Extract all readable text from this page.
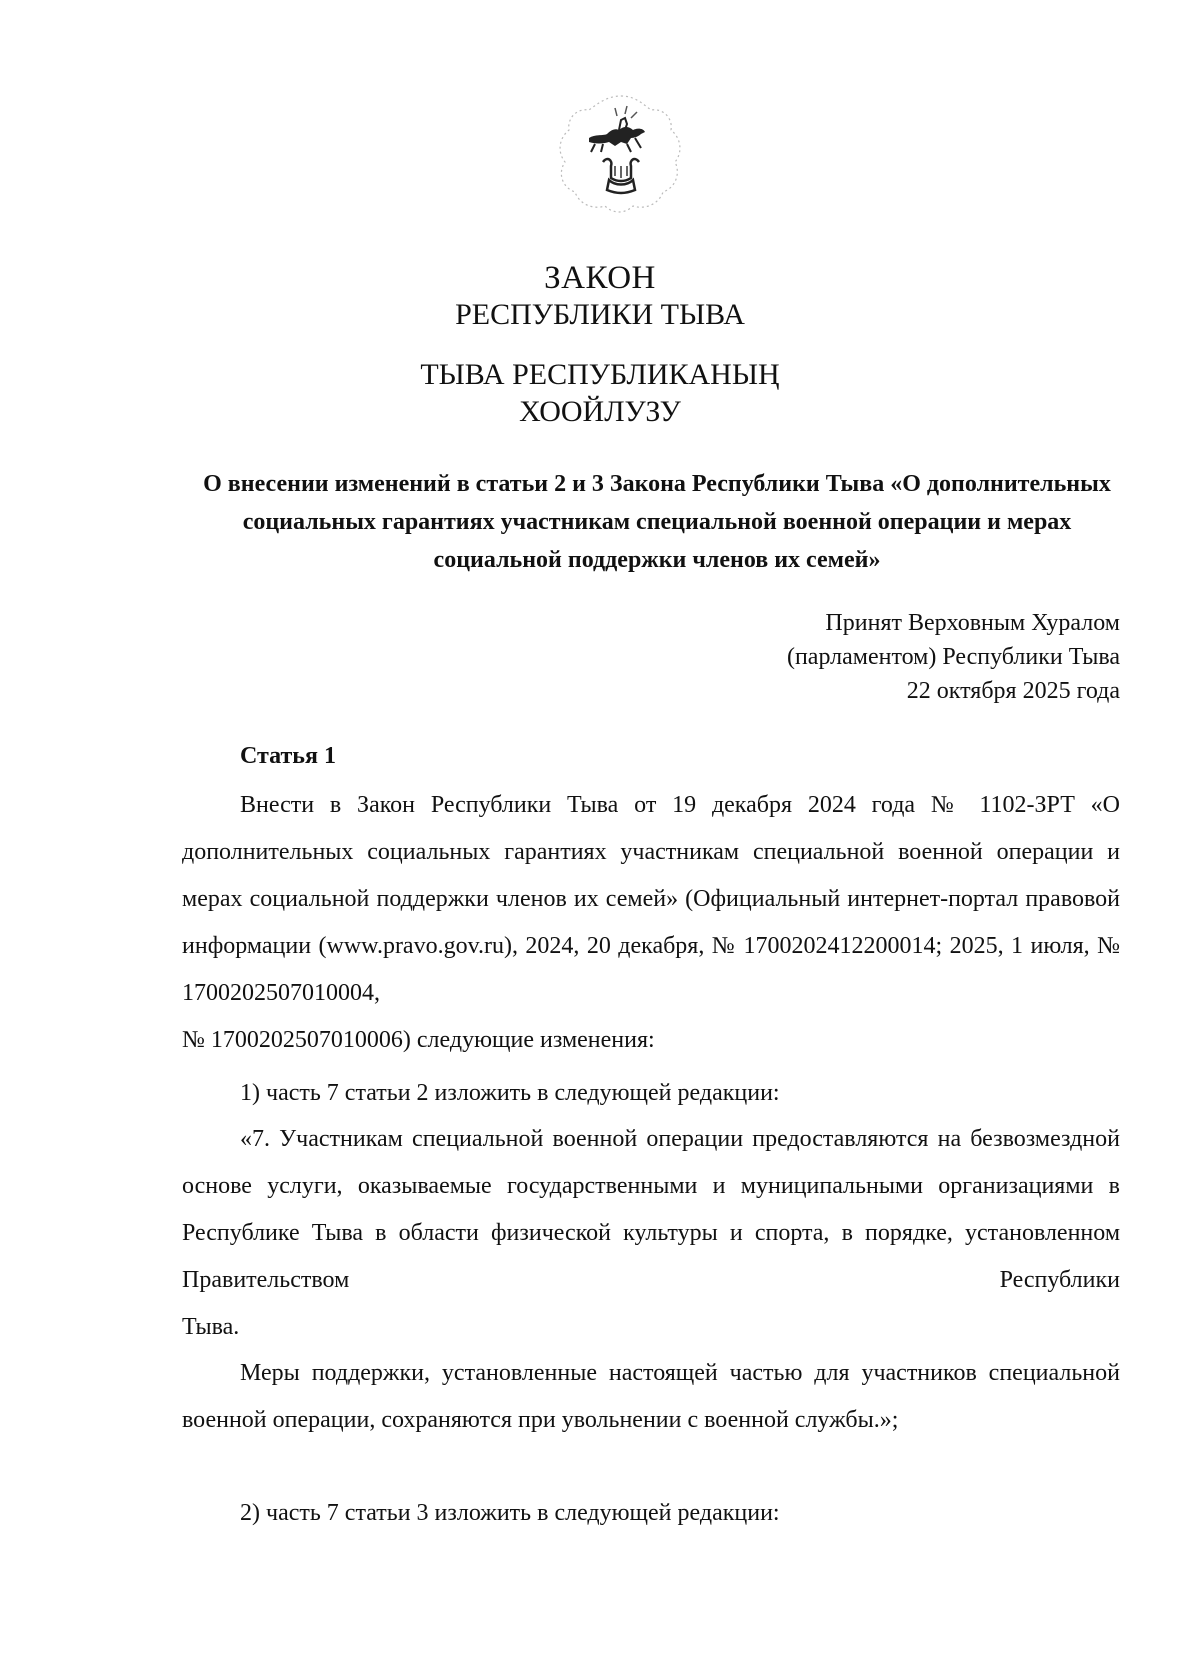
ЗАКОН
РЕСПУБЛИКИ ТЫВА
ТЫВА РЕСПУБЛИКАНЫҢ
ХООЙЛУЗУ
О внесении изменений в статьи 2 и 3 Закона Республики Тыва «О дополнительных социальных гарантиях участникам специальной военной операции и мерах социальной поддержки членов их семей»
Принят Верховным Хуралом
(парламентом) Республики Тыва
22 октября 2025 года
Статья 1

Внести в Закон Республики Тыва от 19 декабря 2024 года № 1102-ЗРТ «О дополнительных социальных гарантиях участникам специальной военной операции и мерах социальной поддержки членов их семей» (Официальный интернет-портал правовой информации (www.pravo.gov.ru), 2024, 20 декабря, № 1700202412200014; 2025, 1 июля, № 1700202507010004,

№ 1700202507010006) следующие изменения:

1) часть 7 статьи 2 изложить в следующей редакции:

«7. Участникам специальной военной операции предоставляются на безвозмездной основе услуги, оказываемые государственными и муниципальными организациями в Республике Тыва в области физической культуры и спорта, в порядке, установленном Правительством Республики

Тыва.

Меры поддержки, установленные настоящей частью для участников специальной военной операции, сохраняются при увольнении с военной службы.»;

2) часть 7 статьи 3 изложить в следующей редакции:
